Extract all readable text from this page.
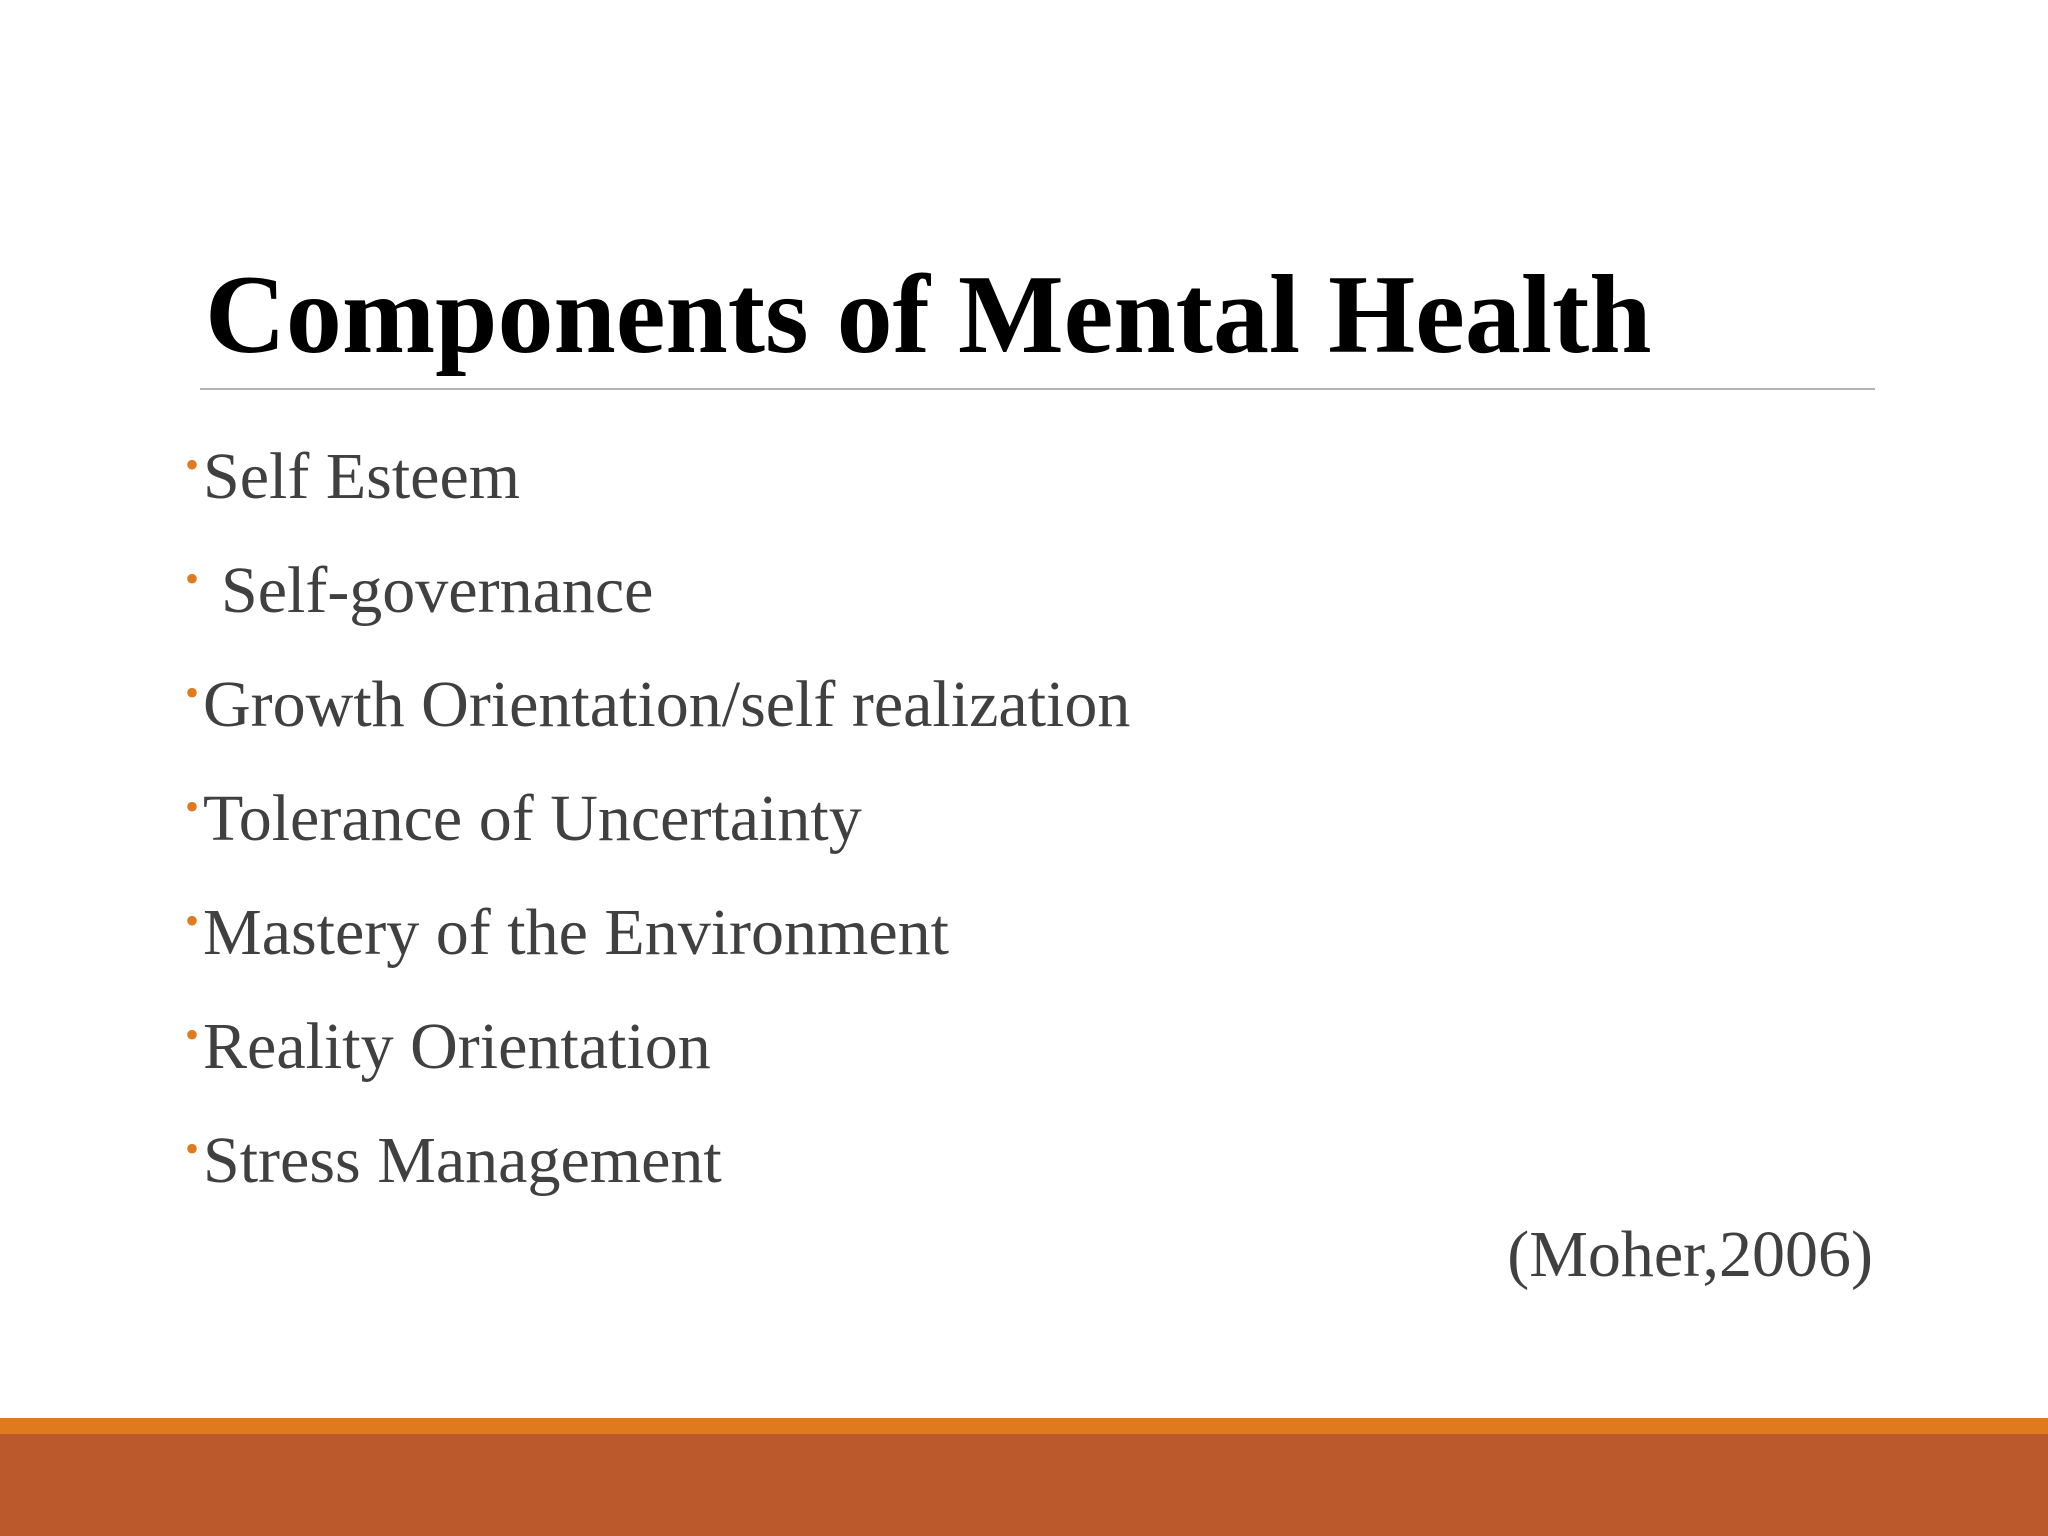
Components of Mental Health
• Self Esteem
• Self-governance
• Growth Orientation/self realization
• Tolerance of Uncertainty
• Mastery of the Environment
• Reality Orientation
• Stress Management
(Moher,2006)
